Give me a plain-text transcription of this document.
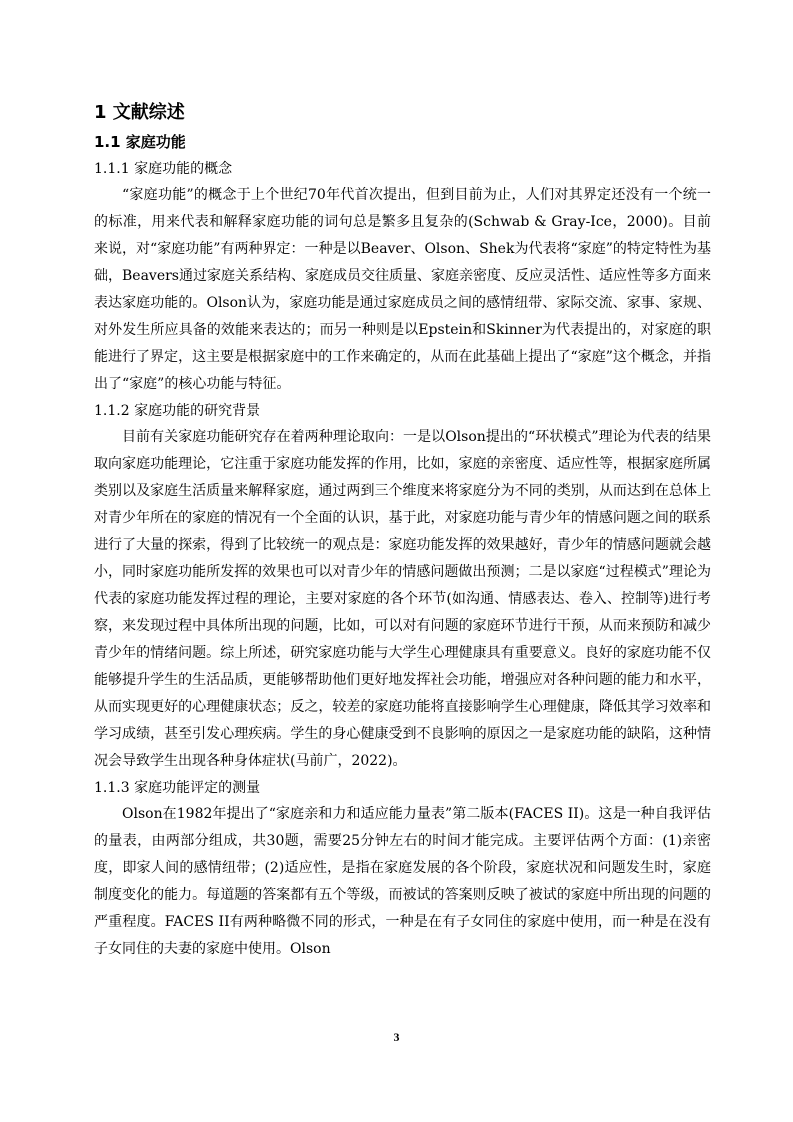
1 文献综述
1.1 家庭功能
1.1.1 家庭功能的概念

“家庭功能”的概念于上个世纪70年代首次提出，但到目前为止，人们对其界定还没有一个统一的标准，用来代表和解释家庭功能的词句总是繁多且复杂的(Schwab & Gray-Ice，2000)。目前来说，对“家庭功能”有两种界定：一种是以Beaver、Olson、Shek为代表将“家庭”的特定特性为基础，Beavers通过家庭关系结构、家庭成员交往质量、家庭亲密度、反应灵活性、适应性等多方面来表达家庭功能的。Olson认为，家庭功能是通过家庭成员之间的感情纽带、家际交流、家事、家规、对外发生所应具备的效能来表达的；而另一种则是以Epstein和Skinner为代表提出的，对家庭的职能进行了界定，这主要是根据家庭中的工作来确定的，从而在此基础上提出了“家庭”这个概念，并指出了“家庭”的核心功能与特征。

1.1.2 家庭功能的研究背景

目前有关家庭功能研究存在着两种理论取向：一是以Olson提出的“环状模式”理论为代表的结果取向家庭功能理论，它注重于家庭功能发挥的作用，比如，家庭的亲密度、适应性等，根据家庭所属类别以及家庭生活质量来解释家庭，通过两到三个维度来将家庭分为不同的类别，从而达到在总体上对青少年所在的家庭的情况有一个全面的认识，基于此，对家庭功能与青少年的情感问题之间的联系进行了大量的探索，得到了比较统一的观点是：家庭功能发挥的效果越好，青少年的情感问题就会越小，同时家庭功能所发挥的效果也可以对青少年的情感问题做出预测；二是以家庭“过程模式”理论为代表的家庭功能发挥过程的理论，主要对家庭的各个环节(如沟通、情感表达、卷入、控制等)进行考察，来发现过程中具体所出现的问题，比如，可以对有问题的家庭环节进行干预，从而来预防和减少青少年的情绪问题。综上所述，研究家庭功能与大学生心理健康具有重要意义。良好的家庭功能不仅能够提升学生的生活品质，更能够帮助他们更好地发挥社会功能，增强应对各种问题的能力和水平，从而实现更好的心理健康状态；反之，较差的家庭功能将直接影响学生心理健康，降低其学习效率和学习成绩，甚至引发心理疾病。学生的身心健康受到不良影响的原因之一是家庭功能的缺陷，这种情况会导致学生出现各种身体症状(马前广，2022)。

1.1.3 家庭功能评定的测量

Olson在1982年提出了“家庭亲和力和适应能力量表”第二版本(FACES II)。这是一种自我评估的量表，由两部分组成，共30题，需要25分钟左右的时间才能完成。主要评估两个方面：(1)亲密度，即家人间的感情纽带；(2)适应性，是指在家庭发展的各个阶段，家庭状况和问题发生时，家庭制度变化的能力。每道题的答案都有五个等级，而被试的答案则反映了被试的家庭中所出现的问题的严重程度。FACES II有两种略微不同的形式，一种是在有子女同住的家庭中使用，而一种是在没有子女同住的夫妻的家庭中使用。Olson

3
